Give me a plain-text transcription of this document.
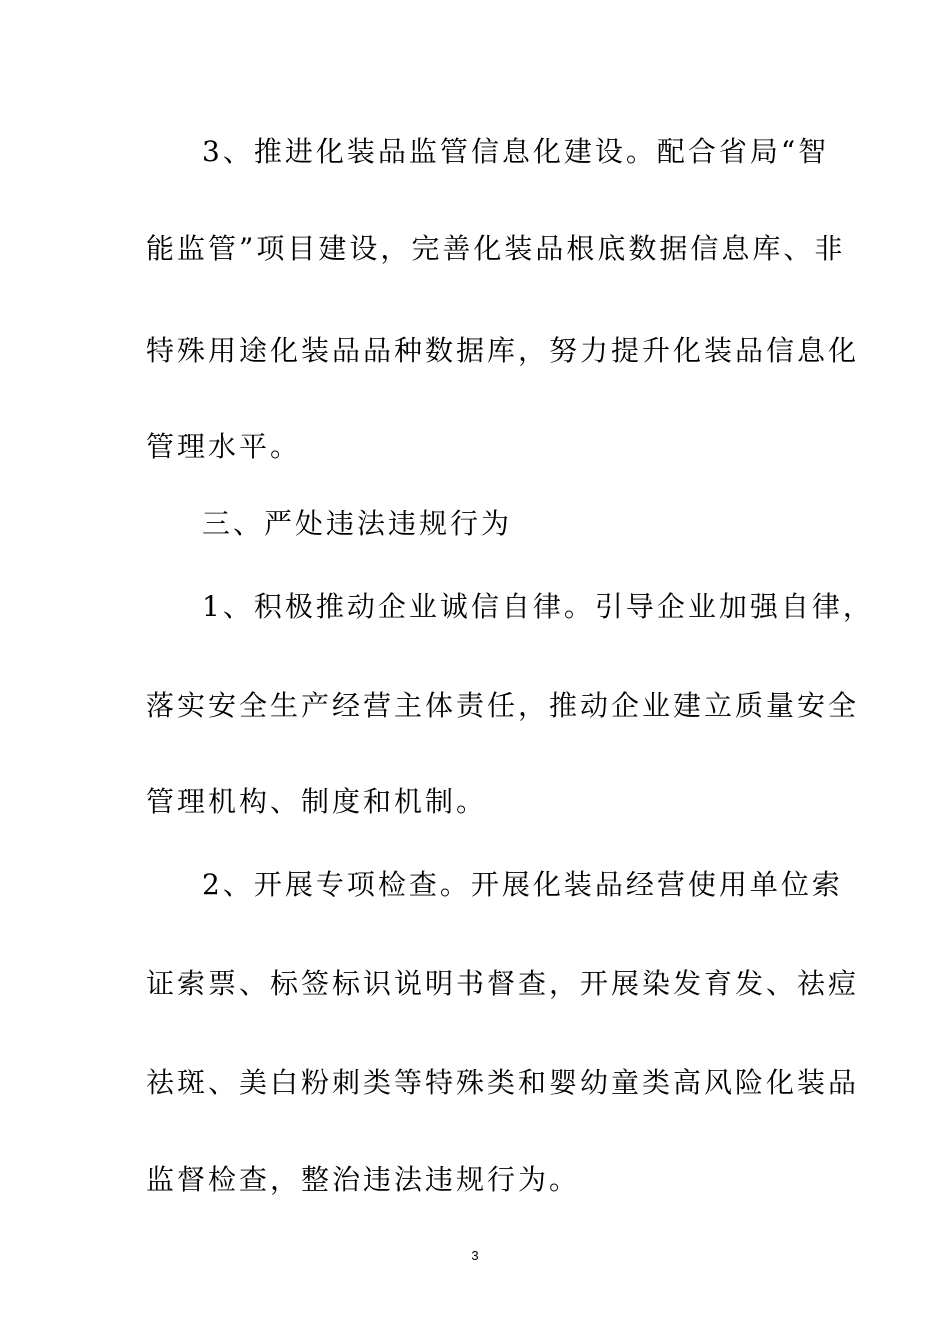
3、推进化装品监管信息化建设。配合省局“智
能监管”项目建设，完善化装品根底数据信息库、非
特殊用途化装品品种数据库，努力提升化装品信息化
管理水平。
三、严处违法违规行为
1、积极推动企业诚信自律。引导企业加强自律，
落实安全生产经营主体责任，推动企业建立质量安全
管理机构、制度和机制。
2、开展专项检查。开展化装品经营使用单位索
证索票、标签标识说明书督查，开展染发育发、祛痘
祛斑、美白粉刺类等特殊类和婴幼童类高风险化装品
监督检查，整治违法违规行为。
3
